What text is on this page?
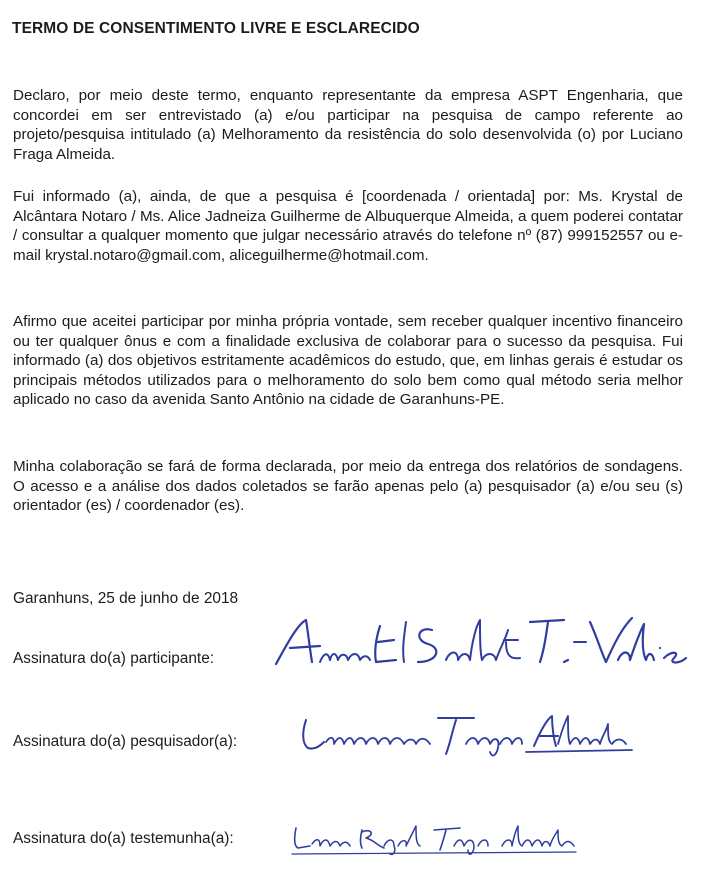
TERMO DE CONSENTIMENTO LIVRE E ESCLARECIDO
Declaro, por meio deste termo, enquanto representante da empresa ASPT Engenharia, que concordei em ser entrevistado (a) e/ou participar na pesquisa de campo referente ao projeto/pesquisa intitulado (a) Melhoramento da resistência do solo desenvolvida (o) por Luciano Fraga Almeida.
Fui informado (a), ainda, de que a pesquisa é [coordenada / orientada] por: Ms. Krystal de Alcântara Notaro / Ms. Alice Jadneiza Guilherme de Albuquerque Almeida, a quem poderei contatar / consultar a qualquer momento que julgar necessário através do telefone nº (87) 999152557 ou e-mail krystal.notaro@gmail.com, aliceguilherme@hotmail.com.
Afirmo que aceitei participar por minha própria vontade, sem receber qualquer incentivo financeiro ou ter qualquer ônus e com a finalidade exclusiva de colaborar para o sucesso da pesquisa. Fui informado (a) dos objetivos estritamente acadêmicos do estudo, que, em linhas gerais é estudar os principais métodos utilizados para o melhoramento do solo bem como qual método seria melhor aplicado no caso da avenida Santo Antônio na cidade de Garanhuns-PE.
Minha colaboração se fará de forma declarada, por meio da entrega dos relatórios de sondagens. O acesso e a análise dos dados coletados se farão apenas pelo (a) pesquisador (a) e/ou seu (s) orientador (es) / coordenador (es).
Garanhuns, 25 de junho de 2018
Assinatura do(a) participante:
Assinatura do(a) pesquisador(a):
Assinatura do(a) testemunha(a):
